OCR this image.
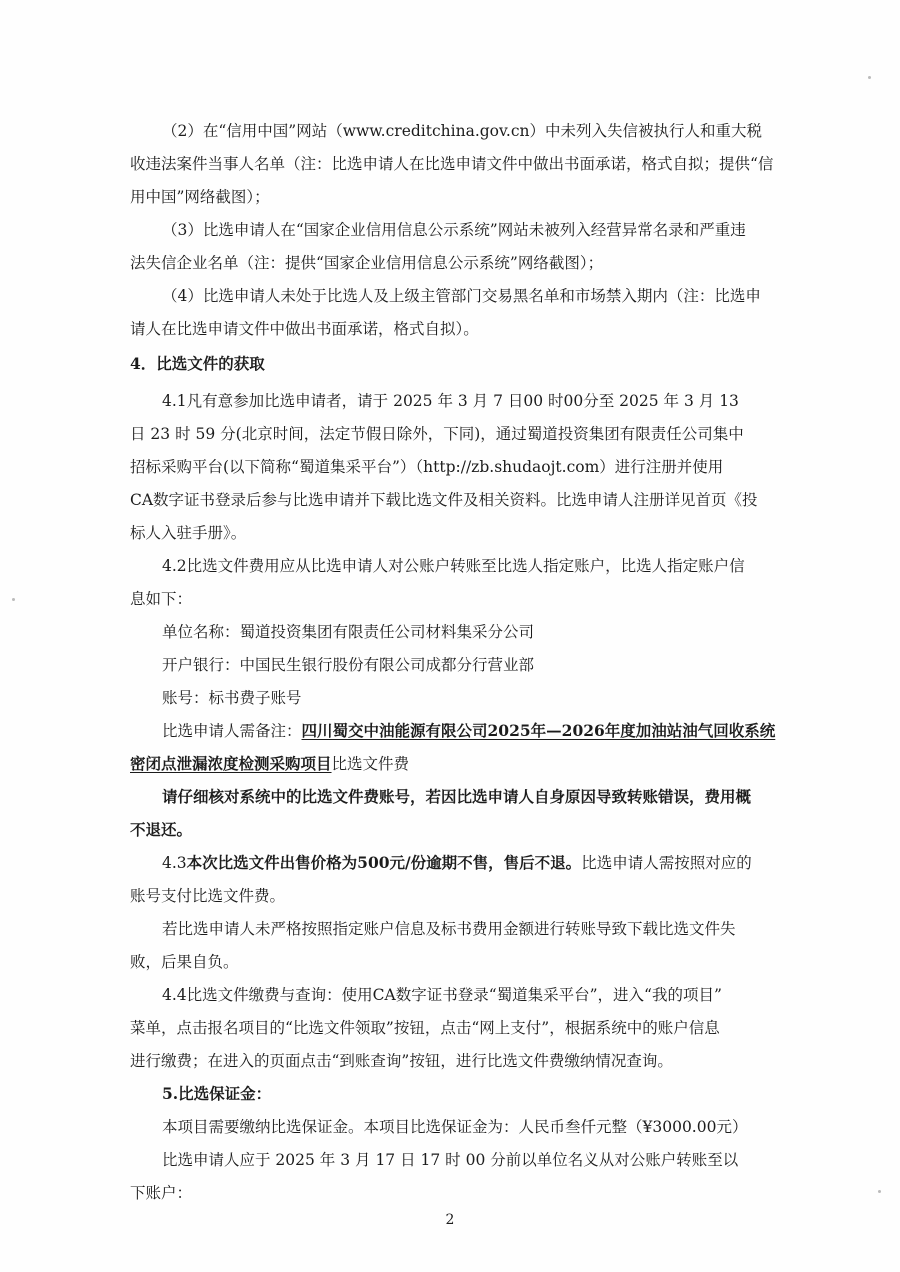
（2）在“信用中国”网站（www.creditchina.gov.cn）中未列入失信被执行人和重大税
收违法案件当事人名单（注：比选申请人在比选申请文件中做出书面承诺，格式自拟；提供“信
用中国”网络截图）；
（3）比选申请人在“国家企业信用信息公示系统”网站未被列入经营异常名录和严重违
法失信企业名单（注：提供“国家企业信用信息公示系统”网络截图）；
（4）比选申请人未处于比选人及上级主管部门交易黑名单和市场禁入期内（注：比选申
请人在比选申请文件中做出书面承诺，格式自拟）。
4．比选文件的获取
4.1凡有意参加比选申请者，请于 2025 年 3 月 7 日00 时00分至 2025 年 3 月 13
日 23 时 59 分(北京时间，法定节假日除外，下同)，通过蜀道投资集团有限责任公司集中
招标采购平台(以下简称“蜀道集采平台”）（http://zb.shudaojt.com）进行注册并使用
CA数字证书登录后参与比选申请并下载比选文件及相关资料。比选申请人注册详见首页《投
标人入驻手册》。
4.2比选文件费用应从比选申请人对公账户转账至比选人指定账户，比选人指定账户信
息如下：
单位名称：蜀道投资集团有限责任公司材料集采分公司
开户银行：中国民生银行股份有限公司成都分行营业部
账号：标书费子账号
比选申请人需备注：四川蜀交中油能源有限公司2025年—2026年度加油站油气回收系统
密闭点泄漏浓度检测采购项目比选文件费
请仔细核对系统中的比选文件费账号，若因比选申请人自身原因导致转账错误，费用概
不退还。
4.3本次比选文件出售价格为500元/份逾期不售，售后不退。比选申请人需按照对应的
账号支付比选文件费。
若比选申请人未严格按照指定账户信息及标书费用金额进行转账导致下载比选文件失
败，后果自负。
4.4比选文件缴费与查询：使用CA数字证书登录“蜀道集采平台”，进入“我的项目”
菜单，点击报名项目的“比选文件领取”按钮，点击“网上支付”，根据系统中的账户信息
进行缴费；在进入的页面点击“到账查询”按钮，进行比选文件费缴纳情况查询。
5.比选保证金：
本项目需要缴纳比选保证金。本项目比选保证金为：人民币叁仟元整（¥3000.00元）
比选申请人应于 2025 年 3 月 17 日 17 时 00 分前以单位名义从对公账户转账至以
下账户：
2
